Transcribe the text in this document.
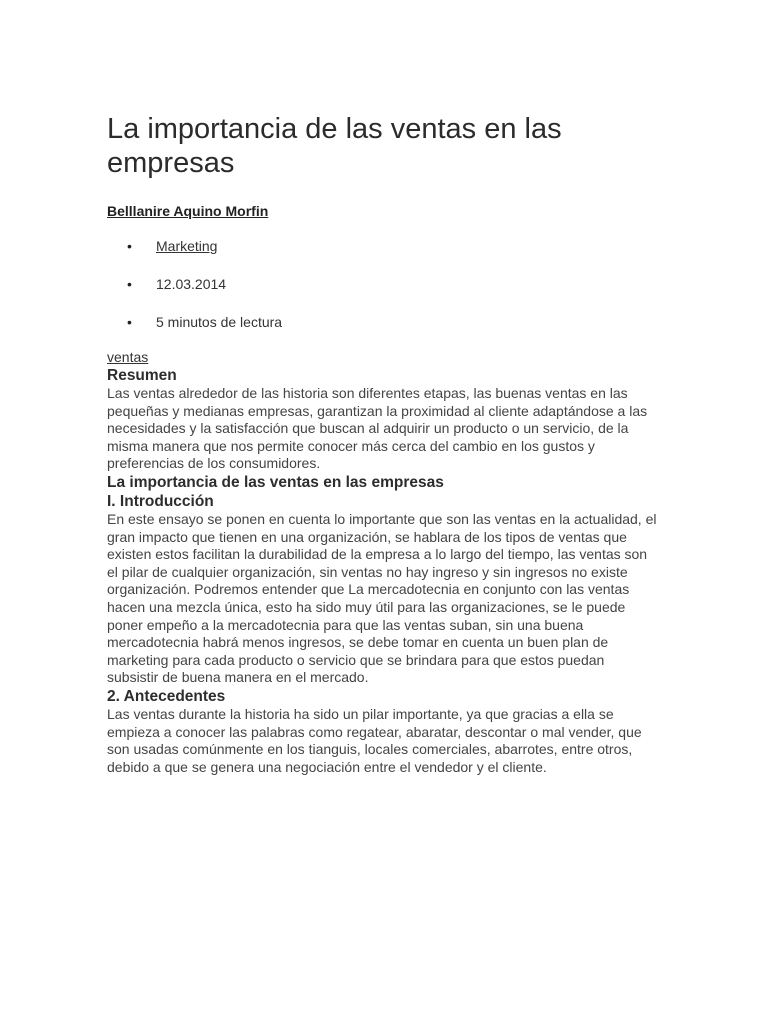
La importancia de las ventas en las empresas
Belllanire Aquino Morfin
• Marketing
• 12.03.2014
• 5 minutos de lectura
ventas
Resumen

Las ventas alrededor de las historia son diferentes etapas, las buenas ventas en las pequeñas y medianas empresas, garantizan la proximidad al cliente adaptándose a las necesidades y la satisfacción que buscan al adquirir un producto o un servicio, de la misma manera que nos permite conocer más cerca del cambio en los gustos y preferencias de los consumidores.

La importancia de las ventas en las empresas
I. Introducción

En este ensayo se ponen en cuenta lo importante que son las ventas en la actualidad, el gran impacto que tienen en una organización, se hablara de los tipos de ventas que existen estos facilitan la durabilidad de la empresa a lo largo del tiempo, las ventas son el pilar de cualquier organización, sin ventas no hay ingreso y sin ingresos no existe organización. Podremos entender que La mercadotecnia en conjunto con las ventas hacen una mezcla única, esto ha sido muy útil para las organizaciones, se le puede poner empeño a la mercadotecnia para que las ventas suban, sin una buena mercadotecnia habrá menos ingresos, se debe tomar en cuenta un buen plan de marketing para cada producto o servicio que se brindara para que estos puedan subsistir de buena manera en el mercado.

2. Antecedentes

Las ventas durante la historia ha sido un pilar importante, ya que gracias a ella se empieza a conocer las palabras como regatear, abaratar, descontar o mal vender, que son usadas comúnmente en los tianguis, locales comerciales, abarrotes, entre otros, debido a que se genera una negociación entre el vendedor y el cliente.
